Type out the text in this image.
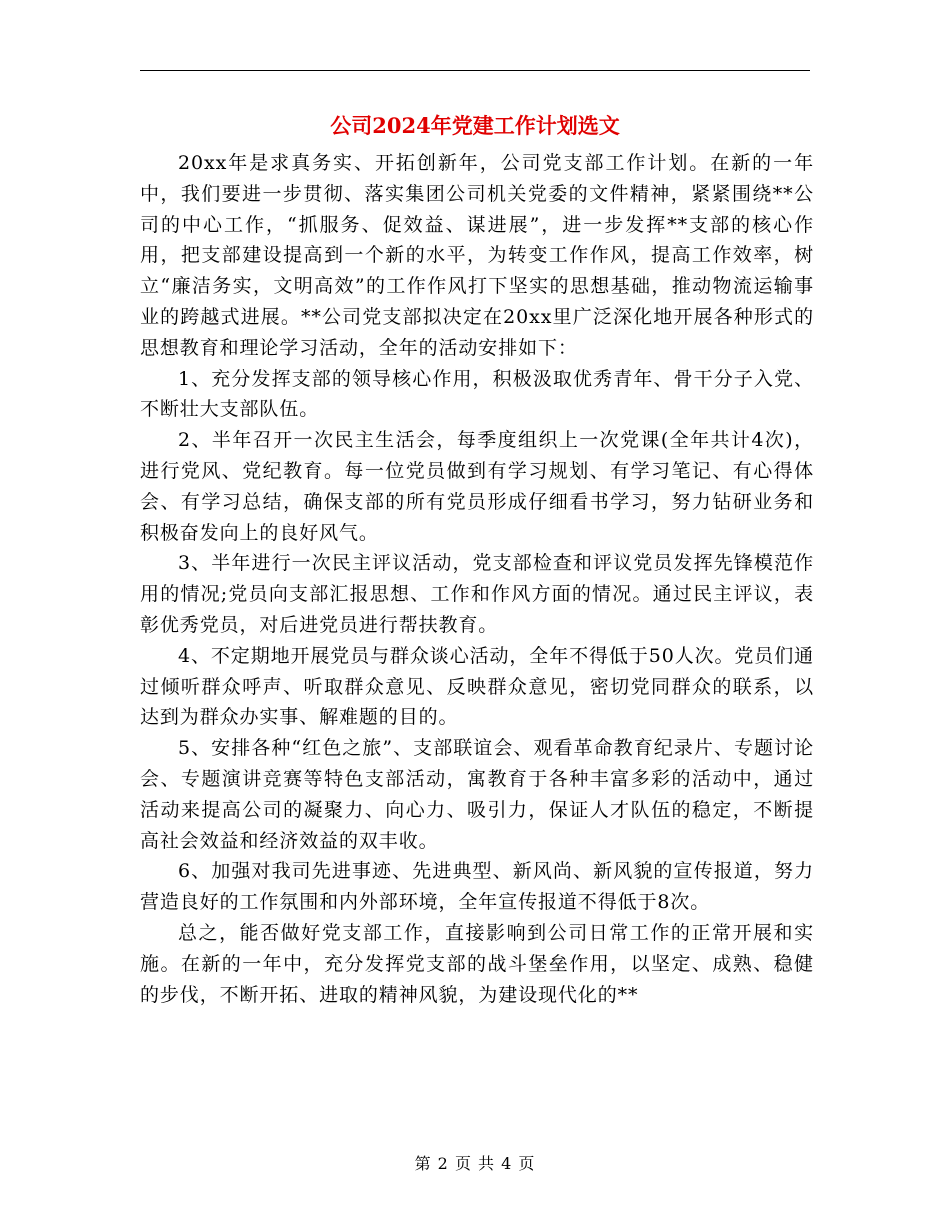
公司2024年党建工作计划选文

20xx年是求真务实、开拓创新年，公司党支部工作计划。在新的一年中，我们要进一步贯彻、落实集团公司机关党委的文件精神，紧紧围绕**公司的中心工作，“抓服务、促效益、谋进展”，进一步发挥**支部的核心作用，把支部建设提高到一个新的水平，为转变工作作风，提高工作效率，树立“廉洁务实，文明高效”的工作作风打下坚实的思想基础，推动物流运输事业的跨越式进展。**公司党支部拟决定在20xx里广泛深化地开展各种形式的思想教育和理论学习活动，全年的活动安排如下：

1、充分发挥支部的领导核心作用，积极汲取优秀青年、骨干分子入党、不断壮大支部队伍。

2、半年召开一次民主生活会，每季度组织上一次党课(全年共计4次)，进行党风、党纪教育。每一位党员做到有学习规划、有学习笔记、有心得体会、有学习总结，确保支部的所有党员形成仔细看书学习，努力钻研业务和积极奋发向上的良好风气。

3、半年进行一次民主评议活动，党支部检查和评议党员发挥先锋模范作用的情况;党员向支部汇报思想、工作和作风方面的情况。通过民主评议，表彰优秀党员，对后进党员进行帮扶教育。

4、不定期地开展党员与群众谈心活动，全年不得低于50人次。党员们通过倾听群众呼声、听取群众意见、反映群众意见，密切党同群众的联系，以达到为群众办实事、解难题的目的。

5、安排各种“红色之旅”、支部联谊会、观看革命教育纪录片、专题讨论会、专题演讲竞赛等特色支部活动，寓教育于各种丰富多彩的活动中，通过活动来提高公司的凝聚力、向心力、吸引力，保证人才队伍的稳定，不断提高社会效益和经济效益的双丰收。

6、加强对我司先进事迹、先进典型、新风尚、新风貌的宣传报道，努力营造良好的工作氛围和内外部环境，全年宣传报道不得低于8次。

总之，能否做好党支部工作，直接影响到公司日常工作的正常开展和实施。在新的一年中，充分发挥党支部的战斗堡垒作用，以坚定、成熟、稳健的步伐，不断开拓、进取的精神风貌，为建设现代化的**

第 2 页 共 4 页
